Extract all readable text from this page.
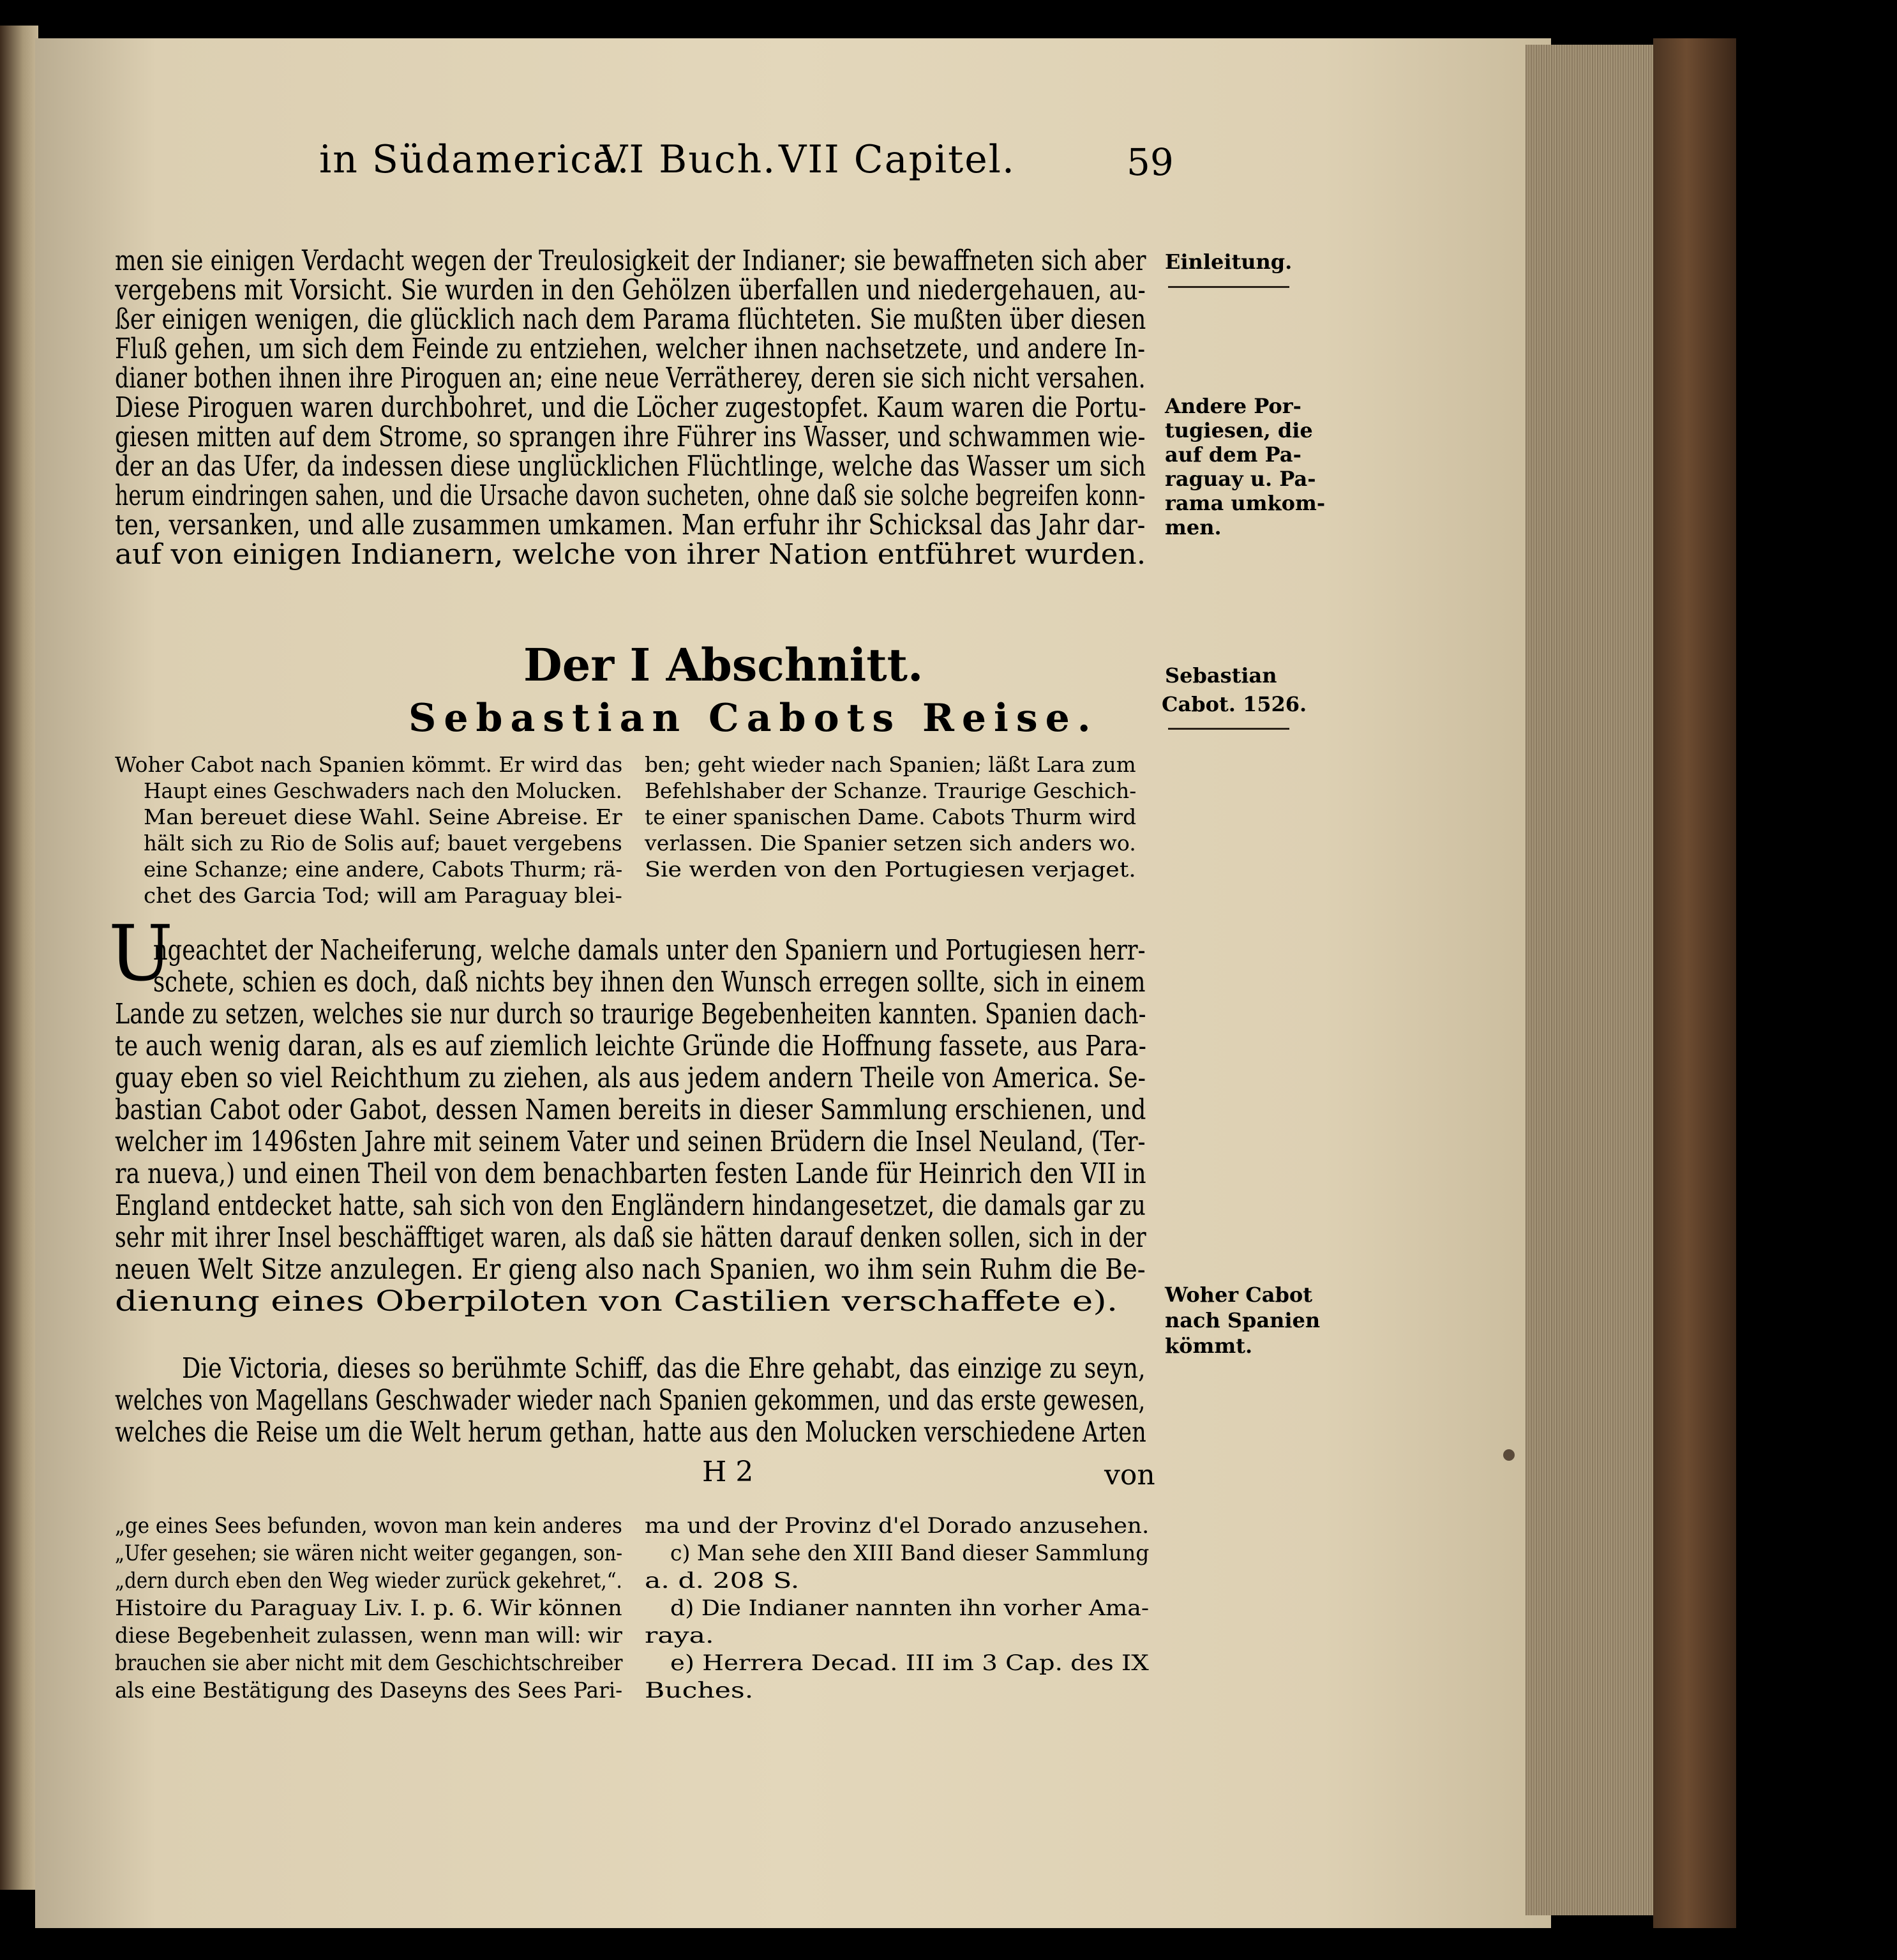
in Südamerica.
VI Buch. VII Capitel.	59
men sie einigen Verdacht wegen der Treulosigkeit der Indianer; sie bewaffneten sich aber
vergebens mit Vorsicht. Sie wurden in den Gehölzen überfallen und niedergehauen, au-
ßer einigen wenigen, die glücklich nach dem Parama flüchteten. Sie mußten über diesen
Fluß gehen, um sich dem Feinde zu entziehen, welcher ihnen nachsetzete, und andere In-
dianer bothen ihnen ihre Piroguen an; eine neue Verrätherey, deren sie sich nicht versahen.
Diese Piroguen waren durchbohret, und die Löcher zugestopfet. Kaum waren die Portu-
giesen mitten auf dem Strome, so sprangen ihre Führer ins Wasser, und schwammen wie-
der an das Ufer, da indessen diese unglücklichen Flüchtlinge, welche das Wasser um sich
herum eindringen sahen, und die Ursache davon sucheten, ohne daß sie solche begreifen konn-
ten, versanken, und alle zusammen umkamen. Man erfuhr ihr Schicksal das Jahr dar-
auf von einigen Indianern, welche von ihrer Nation entführet wurden.
Einleitung.
Andere Por-
tugiesen, die
auf dem Pa-
raguay u. Pa-
rama umkom-
men.
Sebastian
Cabot. 1526.
Woher Cabot
nach Spanien
kömmt.
Der I Abschnitt.
Sebastian Cabots Reise.
Woher Cabot nach Spanien kömmt. Er wird das
Haupt eines Geschwaders nach den Molucken.
Man bereuet diese Wahl. Seine Abreise. Er
hält sich zu Rio de Solis auf; bauet vergebens
eine Schanze; eine andere, Cabots Thurm; rä-
chet des Garcia Tod; will am Paraguay blei-
ben; geht wieder nach Spanien; läßt Lara zum
Befehlshaber der Schanze. Traurige Geschich-
te einer spanischen Dame. Cabots Thurm wird
verlassen. Die Spanier setzen sich anders wo.
Sie werden von den Portugiesen verjaget.
U
ngeachtet der Nacheiferung, welche damals unter den Spaniern und Portugiesen herr-
schete, schien es doch, daß nichts bey ihnen den Wunsch erregen sollte, sich in einem
Lande zu setzen, welches sie nur durch so traurige Begebenheiten kannten. Spanien dach-
te auch wenig daran, als es auf ziemlich leichte Gründe die Hoffnung fassete, aus Para-
guay eben so viel Reichthum zu ziehen, als aus jedem andern Theile von America. Se-
bastian Cabot oder Gabot, dessen Namen bereits in dieser Sammlung erschienen, und
welcher im 1496sten Jahre mit seinem Vater und seinen Brüdern die Insel Neuland, (Ter-
ra nueva,) und einen Theil von dem benachbarten festen Lande für Heinrich den VII in
England entdecket hatte, sah sich von den Engländern hindangesetzet, die damals gar zu
sehr mit ihrer Insel beschäfftiget waren, als daß sie hätten darauf denken sollen, sich in der
neuen Welt Sitze anzulegen. Er gieng also nach Spanien, wo ihm sein Ruhm die Be-
dienung eines Oberpiloten von Castilien verschaffete e).
Die Victoria, dieses so berühmte Schiff, das die Ehre gehabt, das einzige zu seyn,
welches von Magellans Geschwader wieder nach Spanien gekommen, und das erste gewesen,
welches die Reise um die Welt herum gethan, hatte aus den Molucken verschiedene Arten
H 2	von
„ge eines Sees befunden, wovon man kein anderes
„Ufer gesehen; sie wären nicht weiter gegangen, son-
„dern durch eben den Weg wieder zurück gekehret,“.
Histoire du Paraguay Liv. I. p. 6. Wir können
diese Begebenheit zulassen, wenn man will: wir
brauchen sie aber nicht mit dem Geschichtschreiber
als eine Bestätigung des Daseyns des Sees Pari-
ma und der Provinz d'el Dorado anzusehen.
c) Man sehe den XIII Band dieser Sammlung
a. d. 208 S.
d) Die Indianer nannten ihn vorher Ama-
raya.
e) Herrera Decad. III im 3 Cap. des IX
Buches.
